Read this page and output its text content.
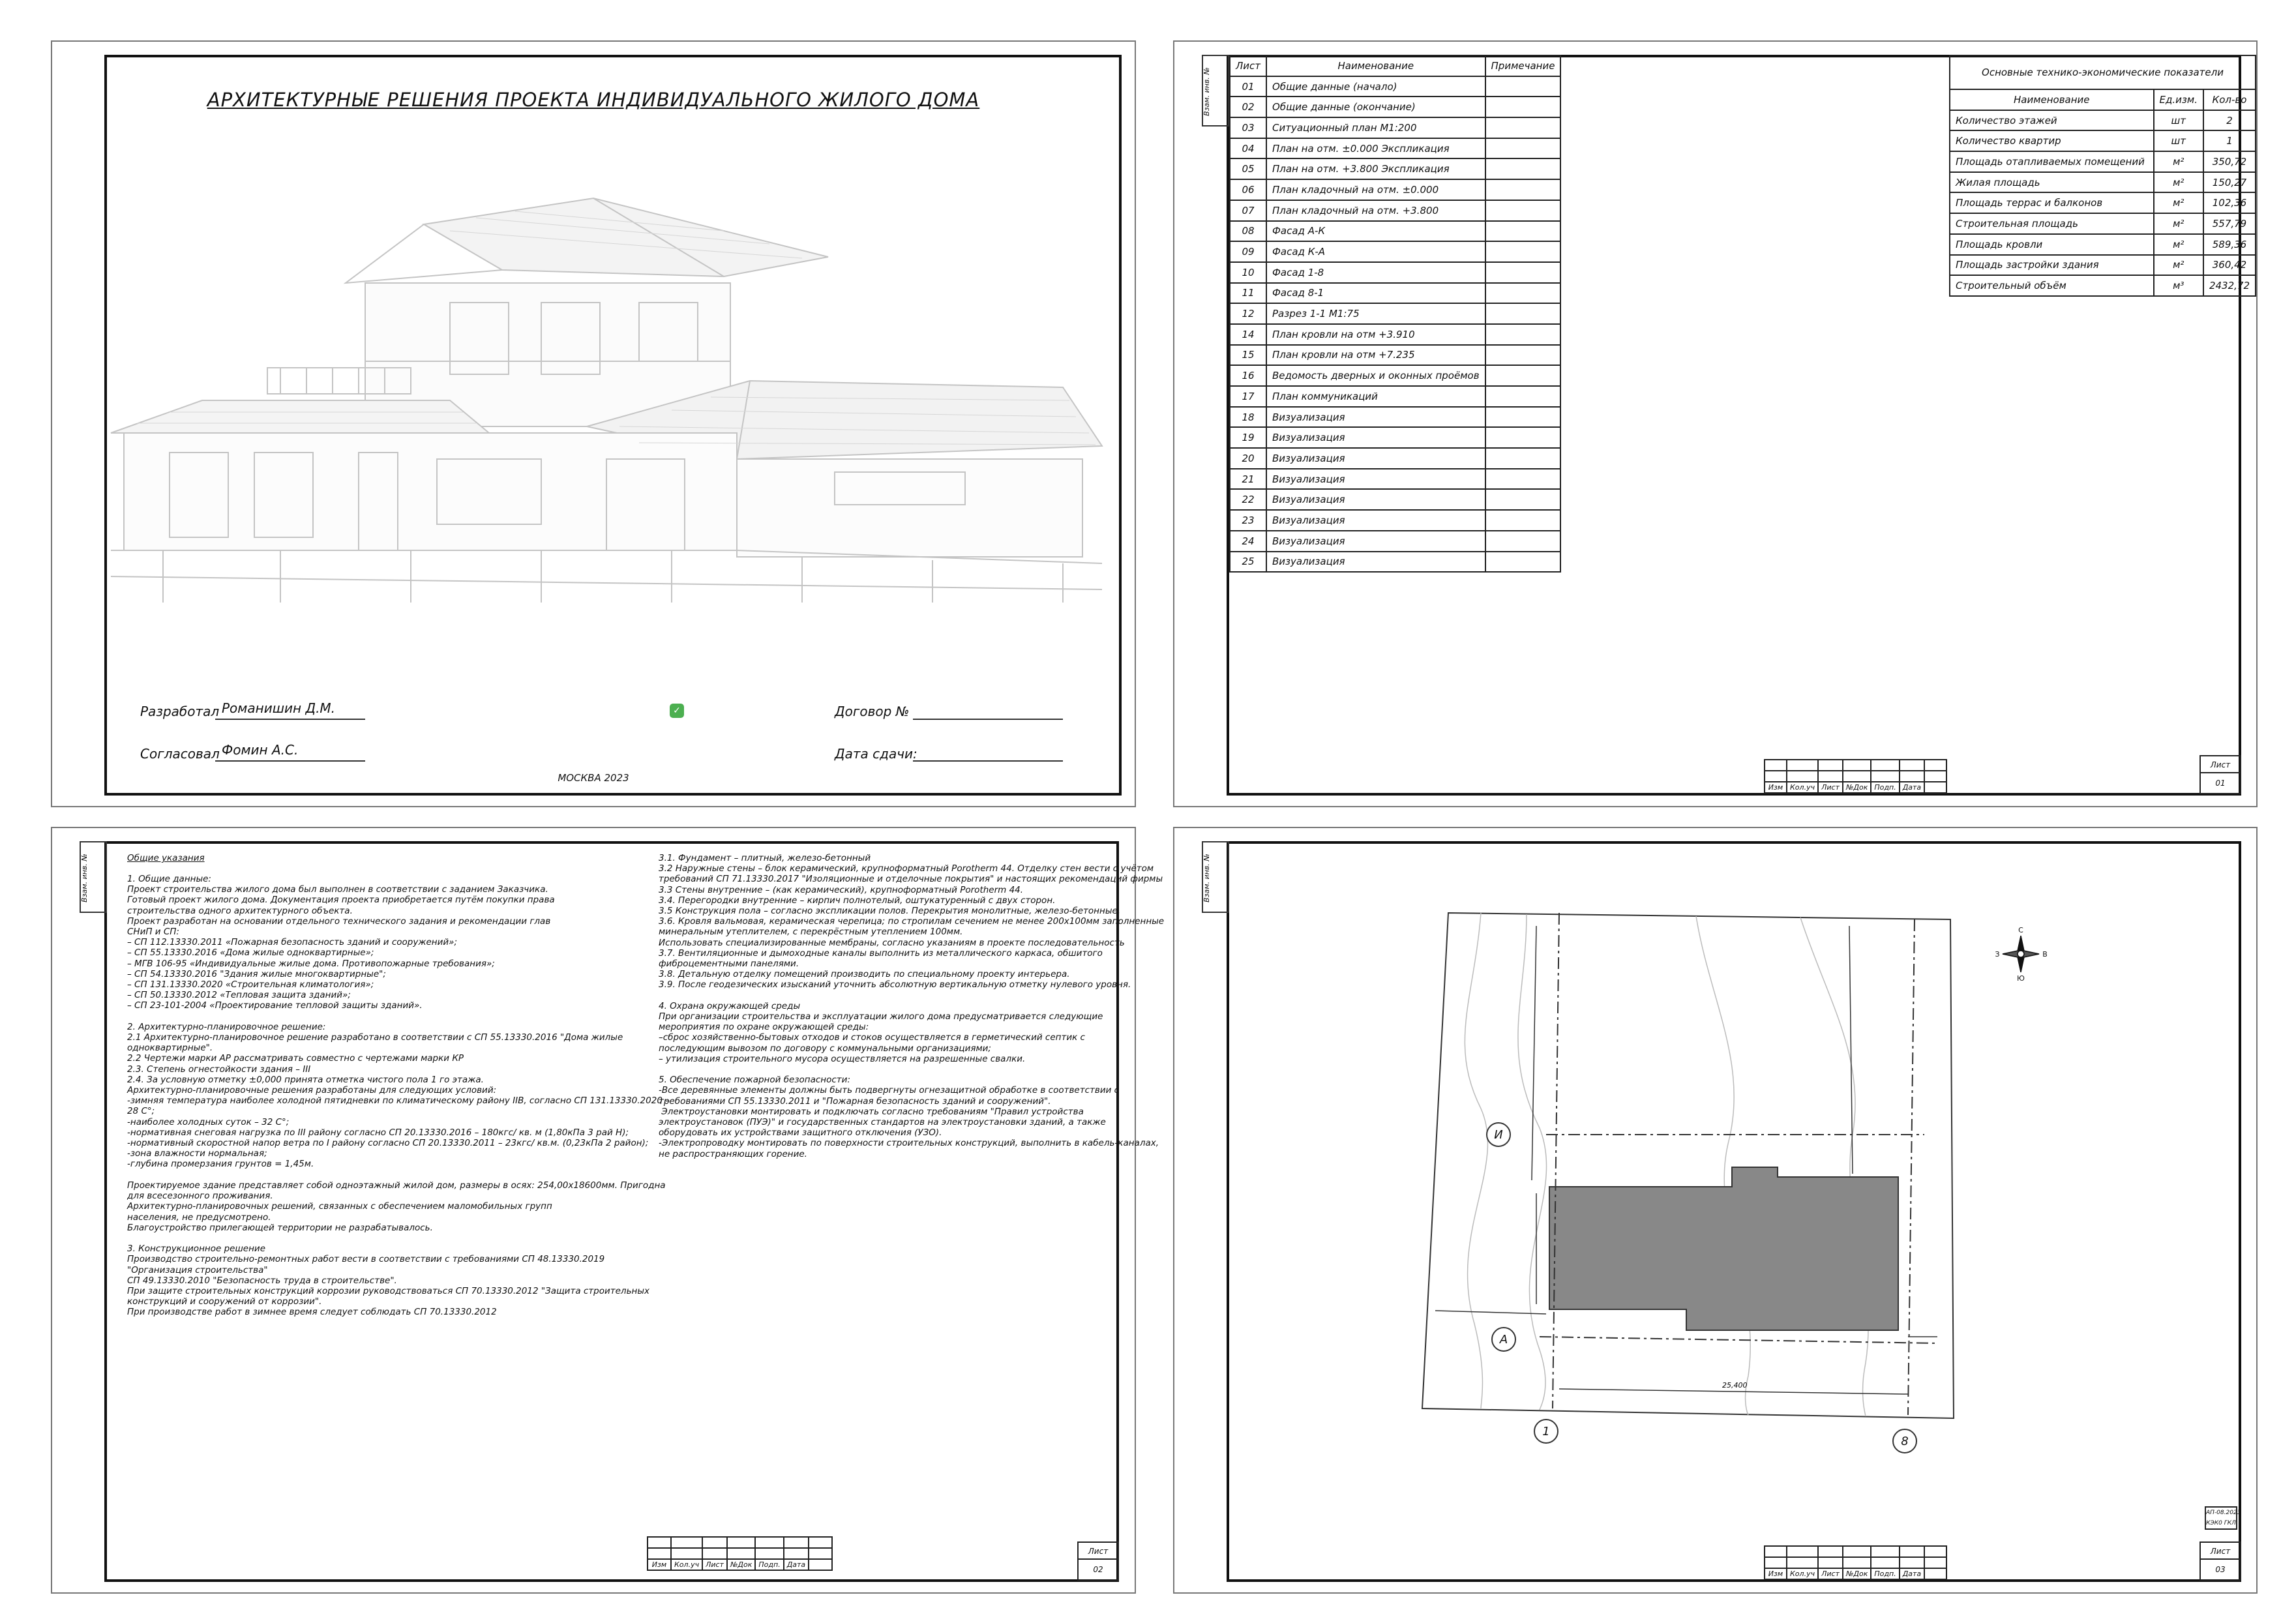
АРХИТЕКТУРНЫЕ РЕШЕНИЯ ПРОЕКТА ИНДИВИДУАЛЬНОГО ЖИЛОГО ДОМА
Разработал Романишин Д.М.
Согласовал Фомин А.С.
✓	Договор №
Дата сдачи:
МОСКВА 2023
Взам. инв. №
Лист	Наименование	Примечание
01	Общие данные (начало)	
02	Общие данные (окончание)	
03	Ситуационный план М1:200	
04	План на отм. ±0.000 Экспликация	
05	План на отм. +3.800 Экспликация	
06	План кладочный на отм. ±0.000	
07	План кладочный на отм. +3.800	
08	Фасад А-К	
09	Фасад К-А	
10	Фасад 1-8	
11	Фасад 8-1	
12	Разрез 1-1 М1:75	
14	План кровли на отм +3.910	
15	План кровли на отм +7.235	
16	Ведомость дверных и оконных проёмов	
17	План коммуникаций	
18	Визуализация	
19	Визуализация	
20	Визуализация	
21	Визуализация	
22	Визуализация	
23	Визуализация	
24	Визуализация	
25	Визуализация	
Основные технико-экономические показатели		
Наименование	Ед.изм.	Кол-во
Количество этажей	шт	2
Количество квартир	шт	1
Площадь отапливаемых помещений	м²	350,72
Жилая площадь	м²	150,27
Площадь террас и балконов	м²	102,36
Строительная площадь	м²	557,79
Площадь кровли	м²	589,36
Площадь застройки здания	м²	360,42
Строительный объём	м³	2432,72

Изм	Кол.уч	Лист	№Док	Подп.	Дата	
Лист
01
Взам. инв. №	Общие указания
1. Общие данные:
Проект строительства жилого дома был выполнен в соответствии с заданием Заказчика.
Готовый проект жилого дома. Документация проекта приобретается путём покупки права
строительства одного архитектурного объекта.
Проект разработан на основании отдельного технического задания и рекомендации глав
СНиП и СП:
– СП 112.13330.2011 «Пожарная безопасность зданий и сооружений»;
– СП 55.13330.2016 «Дома жилые одноквартирные»;
– МГВ 106-95 «Индивидуальные жилые дома. Противопожарные требования»;
– СП 54.13330.2016 "Здания жилые многоквартирные";
– СП 131.13330.2020 «Строительная климатология»;
– СП 50.13330.2012 «Тепловая защита зданий»;
– СП 23-101-2004 «Проектирование тепловой защиты зданий».

2. Архитектурно-планировочное решение:
2.1 Архитектурно-планировочное решение разработано в соответствии с СП 55.13330.2016 "Дома жилые
одноквартирные".
2.2 Чертежи марки АР рассматривать совместно с чертежами марки КР
2.3. Степень огнестойкости здания – III
2.4. За условную отметку ±0,000 принята отметка чистого пола 1 го этажа.
Архитектурно-планировочные решения разработаны для следующих условий:
-зимняя температура наиболее холодной пятидневки по климатическому району IIВ, согласно СП 131.13330.2020 –
28 С°;
-наиболее холодных суток – 32 С°;
-нормативная снеговая нагрузка по III району согласно СП 20.13330.2016 – 180кгс/ кв. м (1,80кПа 3 рай Н);
-нормативный скоростной напор ветра по I району согласно СП 20.13330.2011 – 23кгс/ кв.м. (0,23кПа 2 район);
-зона влажности нормальная;
-глубина промерзания грунтов = 1,45м.

Проектируемое здание представляет собой одноэтажный жилой дом, размеры в осях: 254,00х18600мм. Пригодна
для всесезонного проживания.
Архитектурно-планировочных решений, связанных с обеспечением маломобильных групп
населения, не предусмотрено.
Благоустройство прилегающей территории не разрабатывалось.

3. Конструкционное решение
Производство строительно-ремонтных работ вести в соответствии с требованиями СП 48.13330.2019
"Организация строительства"
СП 49.13330.2010 "Безопасность труда в строительстве".
При защите строительных конструкций коррозии руководствоваться СП 70.13330.2012 "Защита строительных
конструкций и сооружений от коррозии".
При производстве работ в зимнее время следует соблюдать СП 70.13330.2012
3.1. Фундамент – плитный, железо-бетонный
3.2 Наружные стены – блок керамический, крупноформатный Porotherm 44. Отделку стен вести с учётом
требований СП 71.13330.2017 "Изоляционные и отделочные покрытия" и настоящих рекомендаций фирмы
3.3 Стены внутренние – (как керамический), крупноформатный Porotherm 44.
3.4. Перегородки внутренние – кирпич полнотелый, оштукатуренный с двух сторон.
3.5 Конструкция пола – согласно экспликации полов. Перекрытия монолитные, железо-бетонные.
3.6. Кровля вальмовая, керамическая черепица; по стропилам сечением не менее 200х100мм заполненные
минеральным утеплителем, с перекрёстным утеплением 100мм.
Использовать специализированные мембраны, согласно указаниям в проекте последовательность
3.7. Вентиляционные и дымоходные каналы выполнить из металлического каркаса, обшитого
фиброцементными панелями.
3.8. Детальную отделку помещений производить по специальному проекту интерьера.
3.9. После геодезических изысканий уточнить абсолютную вертикальную отметку нулевого уровня.

4. Охрана окружающей среды
При организации строительства и эксплуатации жилого дома предусматривается следующие
мероприятия по охране окружающей среды:
–сброс хозяйственно-бытовых отходов и стоков осуществляется в герметический септик с
последующим вывозом по договору с коммунальными организациями;
– утилизация строительного мусора осуществляется на разрешенные свалки.

5. Обеспечение пожарной безопасности:
-Все деревянные элементы должны быть подвергнуты огнезащитной обработке в соответствии с
требованиями СП 55.13330.2011 и "Пожарная безопасность зданий и сооружений".
Электроустановки монтировать и подключать согласно требованиям "Правил устройства
электроустановок (ПУЭ)" и государственных стандартов на электроустановки зданий, а также
оборудовать их устройствами защитного отключения (УЗО).
-Электропроводку монтировать по поверхности строительных конструкций, выполнить в кабель-каналах,
не распространяющих горение.

Изм	Кол.уч	Лист	№Док	Подп.	Дата	
Лист
02
Взам. инв. №
25,400
И
А
1
8
С
Ю
З	В
АП-08.2023
КЭК0 ГКЛ

Изм	Кол.уч	Лист	№Док	Подп.	Дата	
Лист
03
